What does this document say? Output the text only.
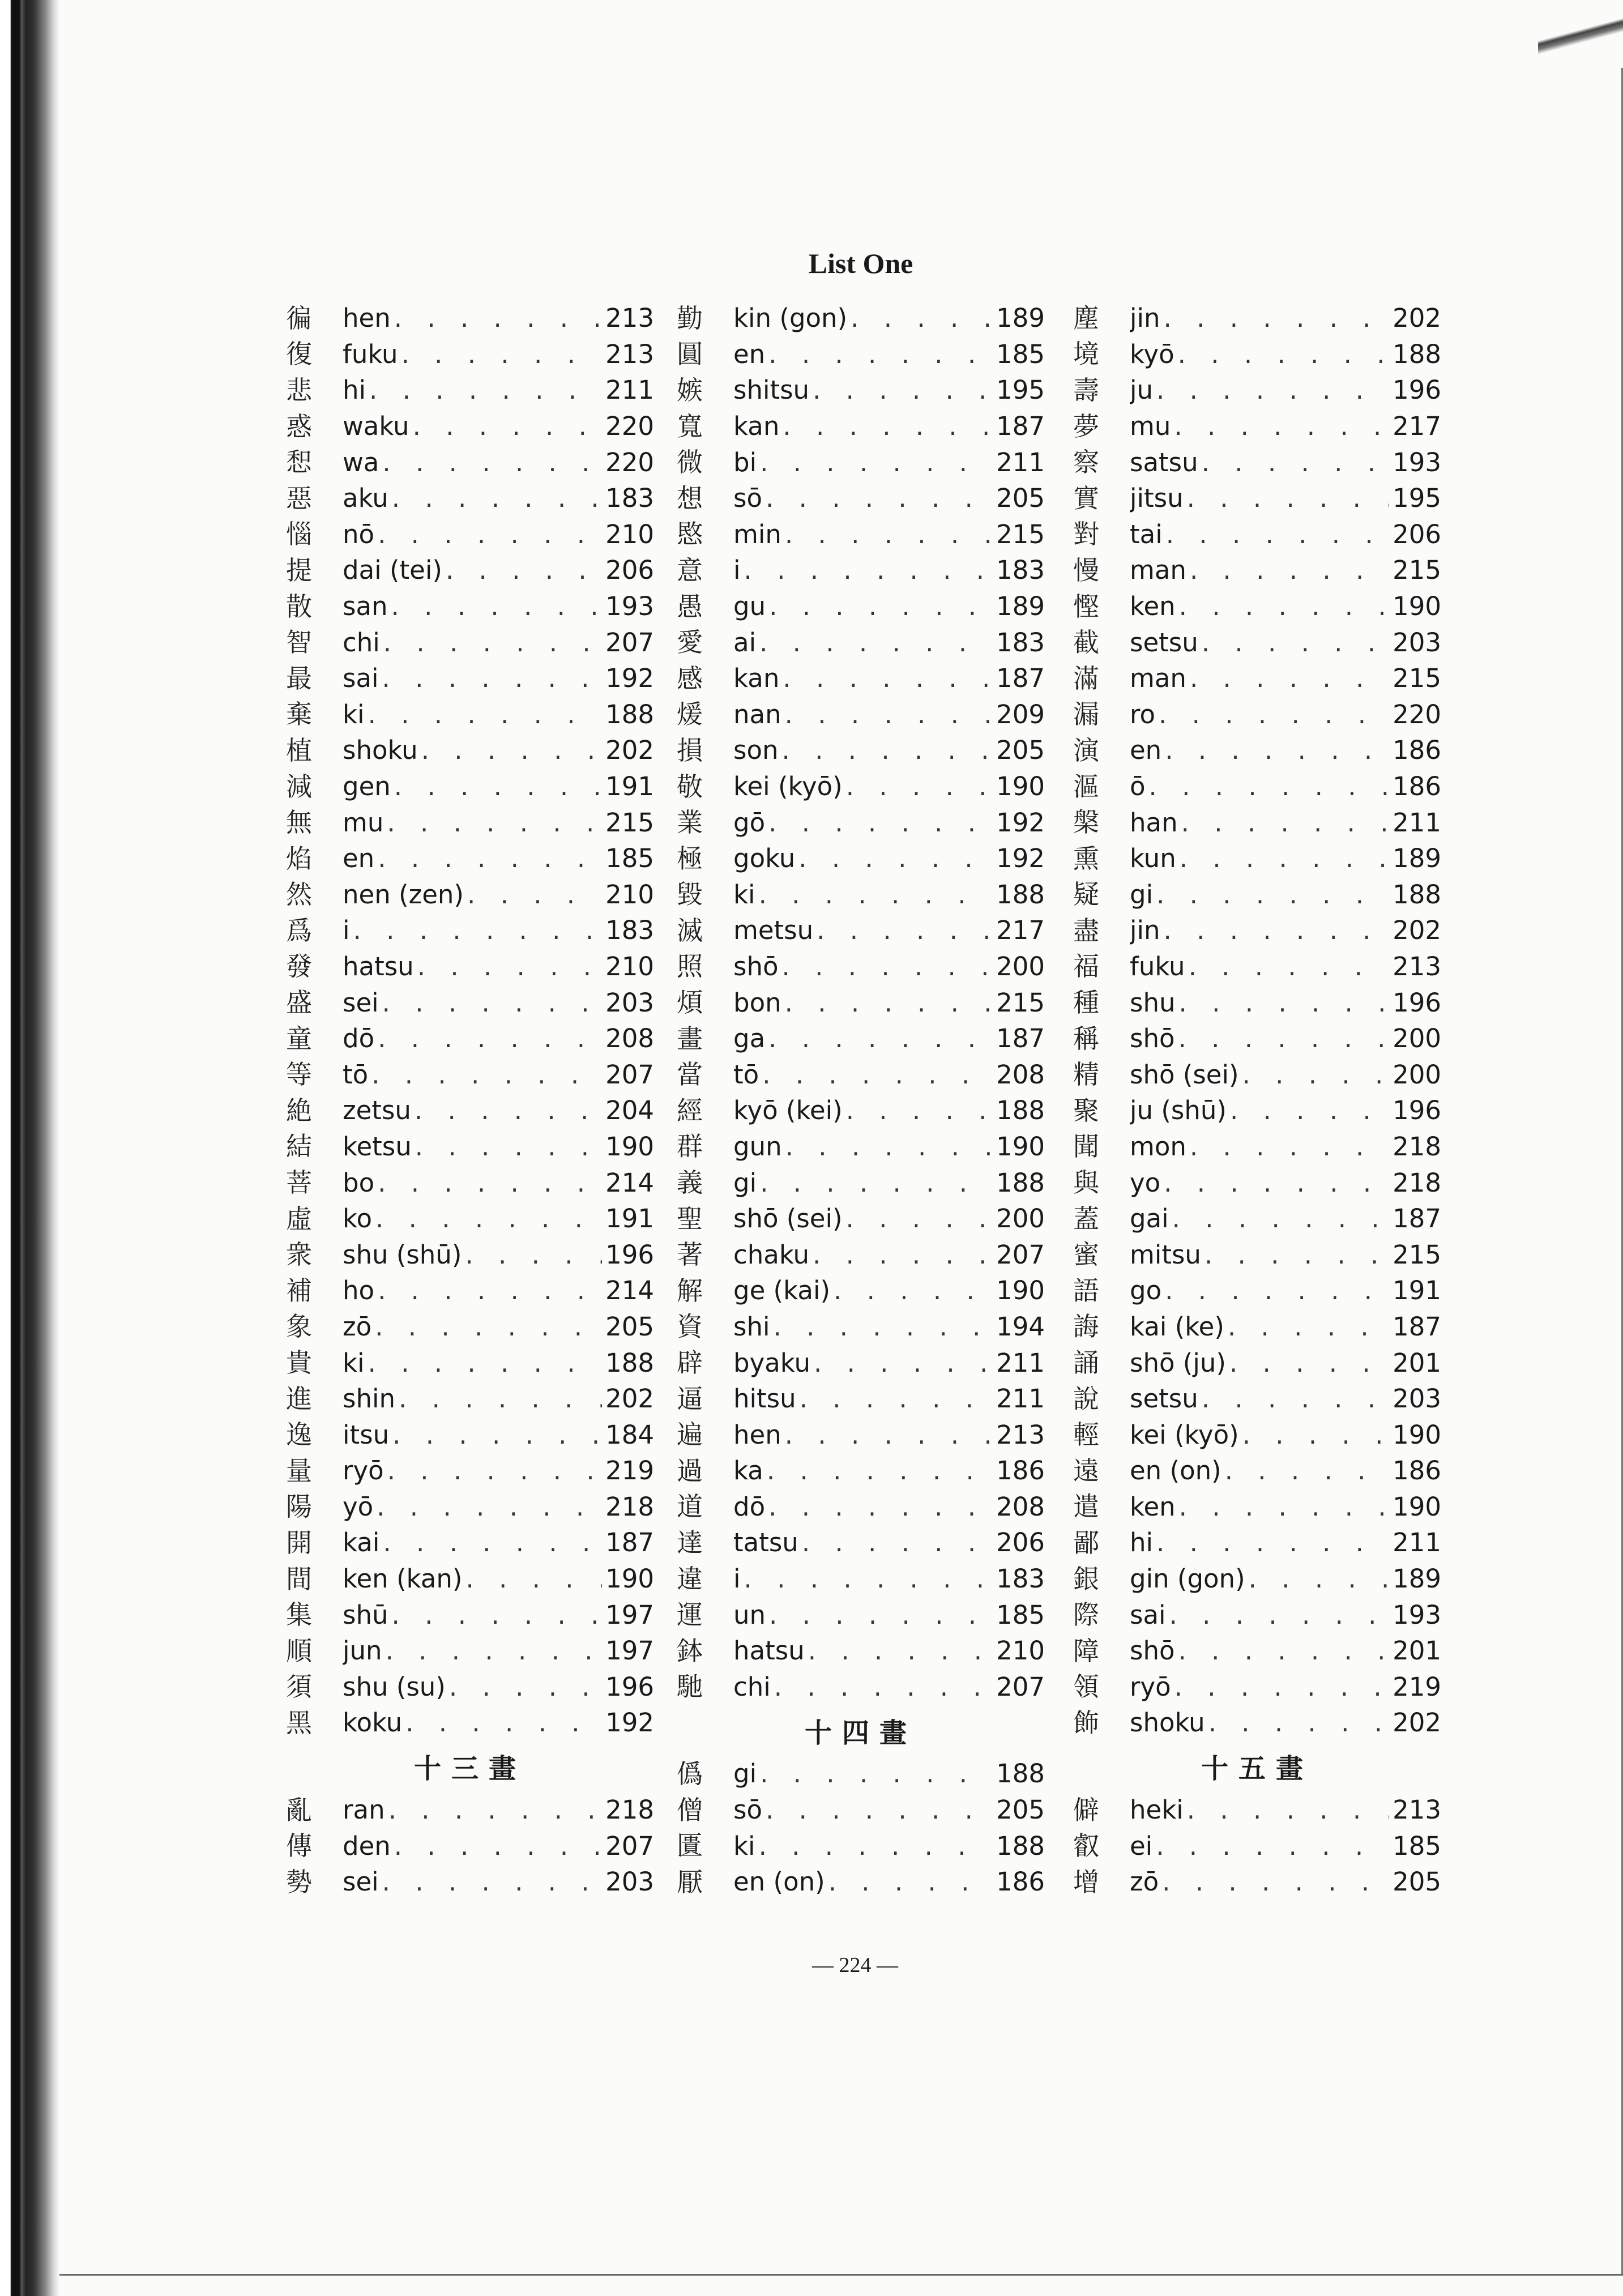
List One
徧	hen . . .	213
復	fuku . . .	213
悲	hi . . .	211
惑	waku . . .	220
惒	wa . . .	220
惡	aku . . .	183
惱	nō . . .	210
提	dai (tei) . . .	206
散	san . . .	193
智	chi . . .	207
最	sai . . .	192
棄	ki . . .	188
植	shoku . . .	202
減	gen . . .	191
無	mu . . .	215
焰	en . . .	185
然	nen (zen) . . .	210
爲	i . . .	183
發	hatsu . . .	210
盛	sei . . .	203
童	dō . . .	208
等	tō . . .	207
絶	zetsu . . .	204
結	ketsu . . .	190
菩	bo . . .	214
虛	ko . . .	191
衆	shu (shū) . . .	196
補	ho . . .	214
象	zō . . .	205
貴	ki . . .	188
進	shin . . .	202
逸	itsu . . .	184
量	ryō . . .	219
陽	yō . . .	218
開	kai . . .	187
間	ken (kan) . . .	190
集	shū . . .	197
順	jun . . .	197
須	shu (su) . . .	196
黑	koku . . .	192
十三畫
亂	ran . . .	218
傳	den . . .	207
勢	sei . . .	203
勤	kin (gon) . . .	189
圓	en . . .	185
嫉	shitsu . . .	195
寬	kan . . .	187
微	bi . . .	211
想	sō . . .	205
愍	min . . .	215
意	i . . .	183
愚	gu . . .	189
愛	ai . . .	183
感	kan . . .	187
煖	nan . . .	209
損	son . . .	205
敬	kei (kyō) . . .	190
業	gō . . .	192
極	goku . . .	192
毀	ki . . .	188
滅	metsu . . .	217
照	shō . . .	200
煩	bon . . .	215
畫	ga . . .	187
當	tō . . .	208
經	kyō (kei) . . .	188
群	gun . . .	190
義	gi . . .	188
聖	shō (sei) . . .	200
著	chaku . . .	207
解	ge (kai) . . .	190
資	shi . . .	194
辟	byaku . . .	211
逼	hitsu . . .	211
遍	hen . . .	213
過	ka . . .	186
道	dō . . .	208
達	tatsu . . .	206
違	i . . .	183
運	un . . .	185
鉢	hatsu . . .	210
馳	chi . . .	207
十四畫
僞	gi . . .	188
僧	sō . . .	205
匱	ki . . .	188
厭	en (on) . . .	186
塵	jin . . .	202
境	kyō . . .	188
壽	ju . . .	196
夢	mu . . .	217
察	satsu . . .	193
實	jitsu . . .	195
對	tai . . .	206
慢	man . . .	215
慳	ken . . .	190
截	setsu . . .	203
滿	man . . .	215
漏	ro . . .	220
演	en . . .	186
漚	ō . . .	186
槃	han . . .	211
熏	kun . . .	189
疑	gi . . .	188
盡	jin . . .	202
福	fuku . . .	213
種	shu . . .	196
稱	shō . . .	200
精	shō (sei) . . .	200
聚	ju (shū) . . .	196
聞	mon . . .	218
與	yo . . .	218
蓋	gai . . .	187
蜜	mitsu . . .	215
語	go . . .	191
誨	kai (ke) . . .	187
誦	shō (ju) . . .	201
說	setsu . . .	203
輕	kei (kyō) . . .	190
遠	en (on) . . .	186
遣	ken . . .	190
鄙	hi . . .	211
銀	gin (gon) . . .	189
際	sai . . .	193
障	shō . . .	201
領	ryō . . .	219
飾	shoku . . .	202
十五畫
僻	heki . . .	213
叡	ei . . .	185
增	zō . . .	205
— 224 —
